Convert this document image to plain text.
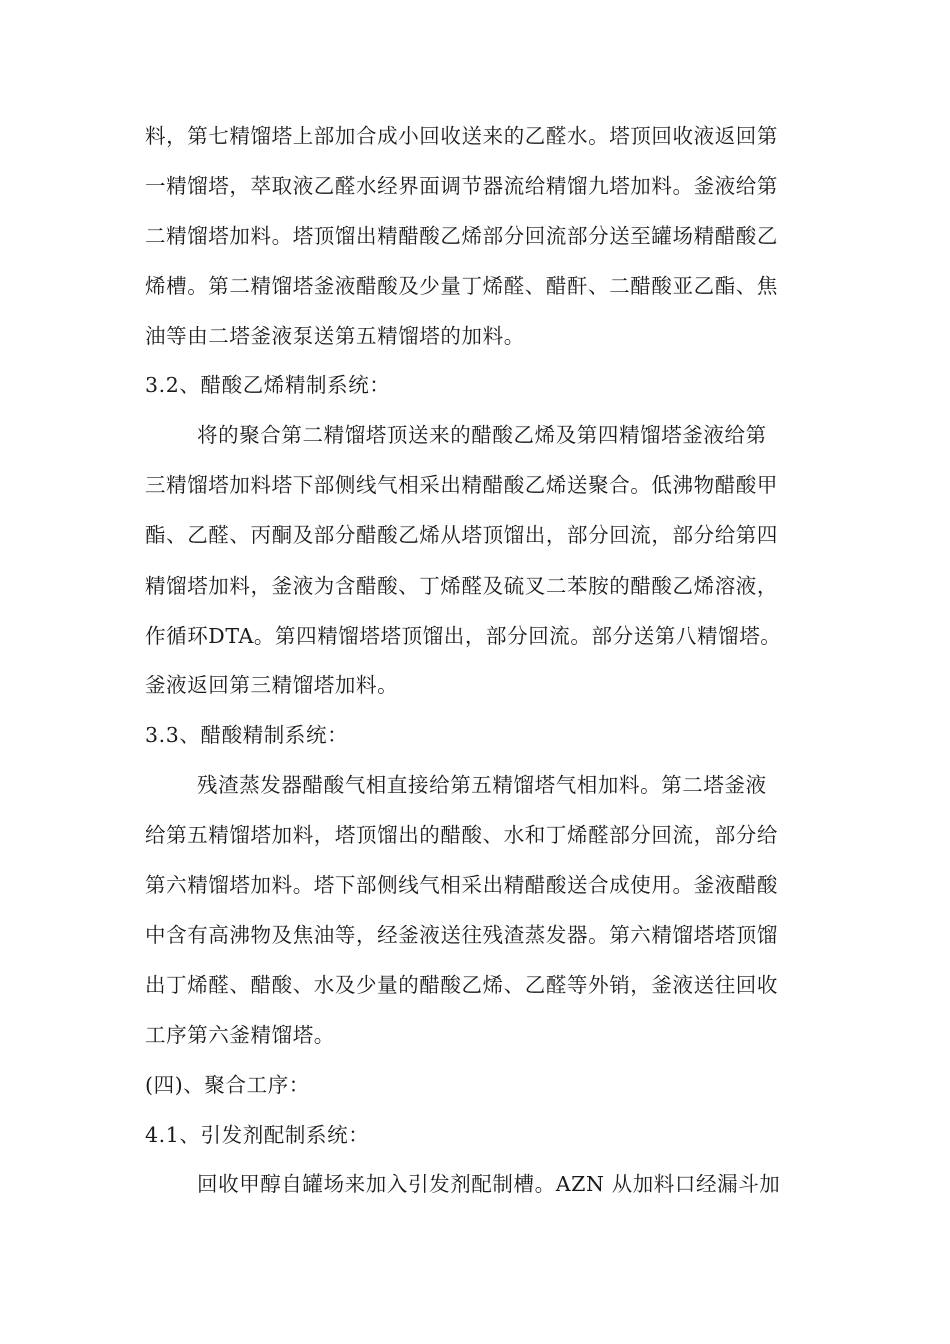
料，第七精馏塔上部加合成小回收送来的乙醛水。塔顶回收液返回第
一精馏塔，萃取液乙醛水经界面调节器流给精馏九塔加料。釜液给第
二精馏塔加料。塔顶馏出精醋酸乙烯部分回流部分送至罐场精醋酸乙
烯槽。第二精馏塔釜液醋酸及少量丁烯醛、醋酐、二醋酸亚乙酯、焦
油等由二塔釜液泵送第五精馏塔的加料。
3.2、醋酸乙烯精制系统：
将的聚合第二精馏塔顶送来的醋酸乙烯及第四精馏塔釜液给第
三精馏塔加料塔下部侧线气相采出精醋酸乙烯送聚合。低沸物醋酸甲
酯、乙醛、丙酮及部分醋酸乙烯从塔顶馏出，部分回流，部分给第四
精馏塔加料，釜液为含醋酸、丁烯醛及硫叉二苯胺的醋酸乙烯溶液，
作循环DTA。第四精馏塔塔顶馏出，部分回流。部分送第八精馏塔。
釜液返回第三精馏塔加料。
3.3、醋酸精制系统：
残渣蒸发器醋酸气相直接给第五精馏塔气相加料。第二塔釜液
给第五精馏塔加料，塔顶馏出的醋酸、水和丁烯醛部分回流，部分给
第六精馏塔加料。塔下部侧线气相采出精醋酸送合成使用。釜液醋酸
中含有高沸物及焦油等，经釜液送往残渣蒸发器。第六精馏塔塔顶馏
出丁烯醛、醋酸、水及少量的醋酸乙烯、乙醛等外销，釜液送往回收
工序第六釜精馏塔。
(四)、聚合工序：
4.1、引发剂配制系统：
回收甲醇自罐场来加入引发剂配制槽。AZN 从加料口经漏斗加
